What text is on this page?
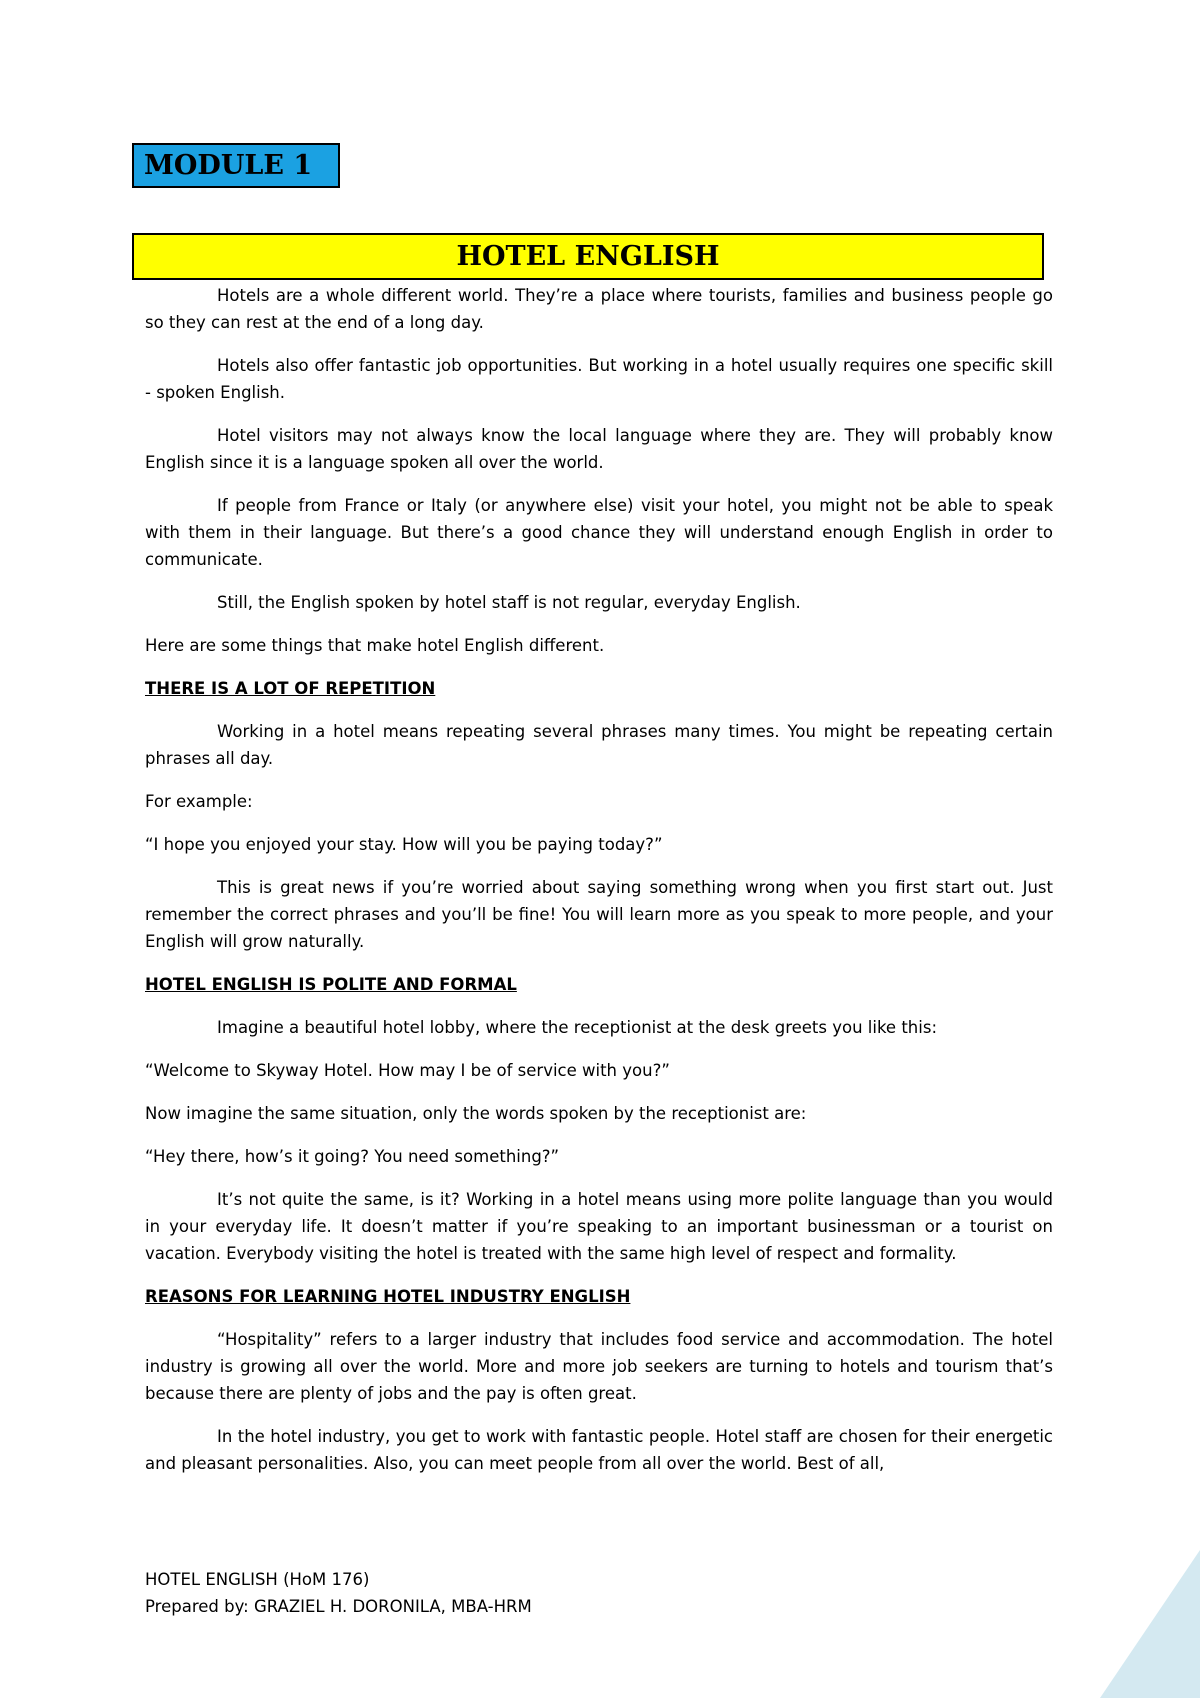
MODULE 1
HOTEL ENGLISH

Hotels are a whole different world. They’re a place where tourists, families and business people go so they can rest at the end of a long day.

Hotels also offer fantastic job opportunities. But working in a hotel usually requires one specific skill - spoken English.

Hotel visitors may not always know the local language where they are. They will probably know English since it is a language spoken all over the world.

If people from France or Italy (or anywhere else) visit your hotel, you might not be able to speak with them in their language. But there’s a good chance they will understand enough English in order to communicate.

Still, the English spoken by hotel staff is not regular, everyday English.

Here are some things that make hotel English different.

THERE IS A LOT OF REPETITION

Working in a hotel means repeating several phrases many times. You might be repeating certain phrases all day.

For example:

“I hope you enjoyed your stay. How will you be paying today?”

This is great news if you’re worried about saying something wrong when you first start out. Just remember the correct phrases and you’ll be fine! You will learn more as you speak to more people, and your English will grow naturally.

HOTEL ENGLISH IS POLITE AND FORMAL

Imagine a beautiful hotel lobby, where the receptionist at the desk greets you like this:

“Welcome to Skyway Hotel. How may I be of service with you?”

Now imagine the same situation, only the words spoken by the receptionist are:

“Hey there, how’s it going? You need something?”

It’s not quite the same, is it? Working in a hotel means using more polite language than you would in your everyday life. It doesn’t matter if you’re speaking to an important businessman or a tourist on vacation. Everybody visiting the hotel is treated with the same high level of respect and formality.

REASONS FOR LEARNING HOTEL INDUSTRY ENGLISH

“Hospitality” refers to a larger industry that includes food service and accommodation. The hotel industry is growing all over the world. More and more job seekers are turning to hotels and tourism that’s because there are plenty of jobs and the pay is often great.

In the hotel industry, you get to work with fantastic people. Hotel staff are chosen for their energetic and pleasant personalities. Also, you can meet people from all over the world. Best of all,

HOTEL ENGLISH (HoM 176)
Prepared by: GRAZIEL H. DORONILA, MBA-HRM
